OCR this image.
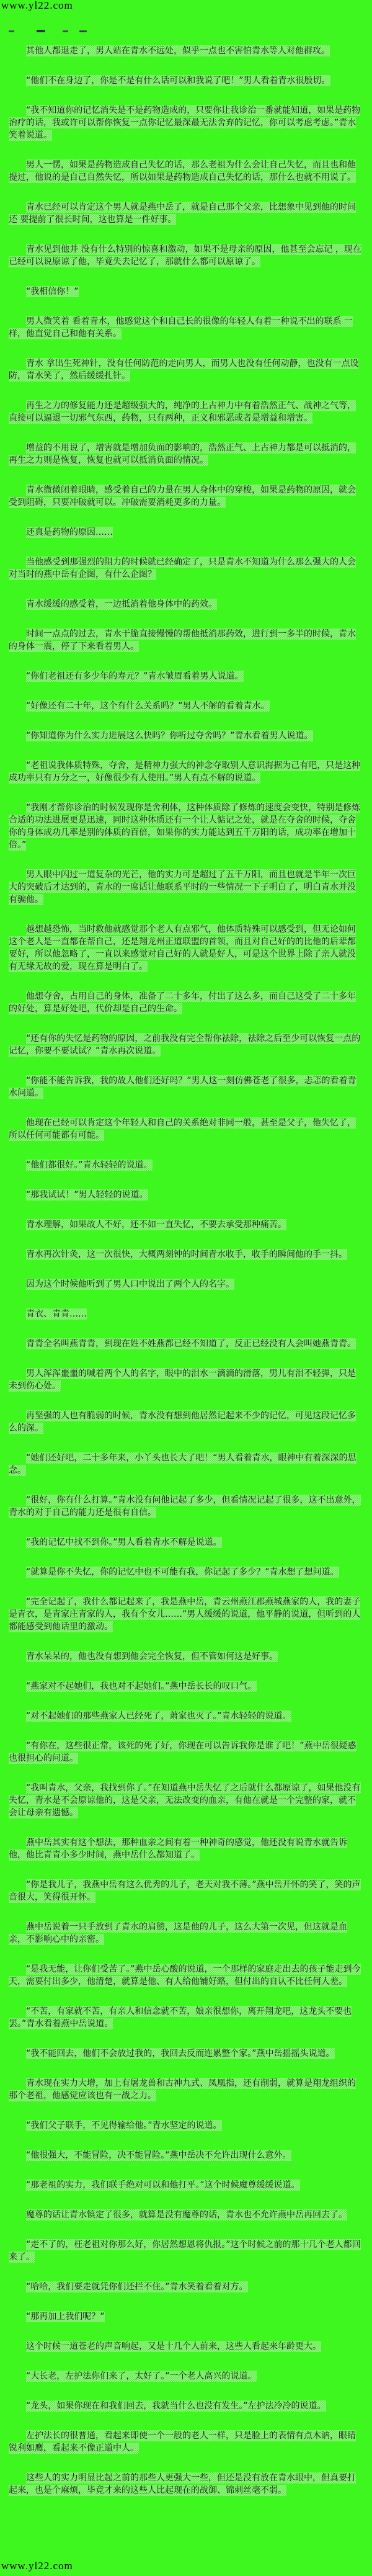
www.yl22.com

其他人都退走了，男人站在青水不远处，似乎一点也不害怕青水等人对他群攻。

“他们不在身边了，你是不是有什么话可以和我说了吧！”男人看着青水很殷切。

“我不知道你的记忆消失是不是药物造成的，只要你让我诊治一番就能知道，如果是药物治疗的话，我或许可以帮你恢复一点你记忆最深最无法舍弃的记忆，你可以考虑考虑。”青水笑着说道。

男人一愣，如果是药物造成自己失忆的话，那么老祖为什么会让自己失忆，而且也和他提过，他说的是自己自然失忆，所以如果是药物造成自己失忆的话，那什么也就不用说了。

青水已经可以肯定这个男人就是燕中岳了，就是自己那个父亲，比想象中见到他的时间还 要提前了很长时间，这也算是一件好事。

青水见到他并 没有什么特别的惊喜和激动，如果不是母亲的原因，他甚至会忘记 ，现在已经可以说原谅了他，毕竟失去记忆了，那就什么都可以原谅了。

“我相信你！”

男人微笑着 看着青水，他感觉这个和自己长的很像的年轻人有着一种说不出的联系 一样，他直觉自己和他有关系。

青水 拿出生死神针，没有任何防范的走向男人，而男人也没有任何动静，也没有一点设防，青水笑了，然后缓缓扎针。

再生之力的修复能力还是超级强大的，纯净的上古神力中有着浩然正气、战神之气等，直接可以逼退一切邪气东西，药物，只有两种，正义和邪恶或者是增益和增害。

增益的不用说了，增害就是增加负面的影响的，浩然正气、上古神力都是可以抵消的，再生之力则是恢复，恢复也就可以抵消负面的情况。

青水微微闭着眼睛，感受着自己的力量在男人身体中的穿梭，如果是药物的原因，就会受到阻碍，只要冲破就可以。冲破需要消耗更多的力量。

还真是药物的原因……

当他感受到那强烈的阻力的时候就已经确定了，只是青水不知道为什么那么强大的人会对当时的燕中岳有企图，有什么企图？

青水缓缓的感受着，一边抵消着他身体中的药效。

时间一点点的过去，青水干脆直接慢慢的帮他抵消那药效，进行到一多半的时候，青水的身体一震，停了下来看着男人。

“你们老祖还有多少年的寿元？”青水皱眉看着男人说道。

“好像还有二十年，这个有什么关系吗？”男人不解的看着青水。

“你知道你为什么实力进展这么快吗？你听过夺舍吗？”青水看着男人说道。

“老祖说我体质特殊，夺舍，是精神力强大的神念夺取别人意识海据为己有吧，只是这种成功率只有万分之一，好像很少有人使用。”男人有点不解的说道。

“我刚才帮你诊治的时候发现你是舍利体，这种体质除了修炼的速度会变快，特别是修炼合适的功法进展更是迅速，同时这种体质还有一个让人惦记之处，就是在夺舍的时候，夺舍你的身体成功几率是别的体质的百倍，如果你的实力能达到五千万阳的话，成功率在增加十倍。”

男人眼中闪过一道复杂的光芒，他的实力可是超过了五千万阳，而且也就是半年一次巨大的突破后才达到的，青水的一席话让他联系平时的一些情况一下子明白了，明白青水并没有骗他。

越想越恐怖，当时救他就感觉那个老人有点邪气，他体质特殊可以感受到，但无论如何这个老人是一直都在帮自己，还是翔龙州正道联盟的首领，而且对自己好的的比他的后辈都要好，所以他忽略了，一直以来感觉对自己好的人就是好人，可是这个世界上除了亲人就没有无缘无故的爱，现在算是明白了。

他想夺舍，占用自己的身体，准备了二十多年，付出了这么多，而自己这受了二十多年的好处，算是好处吧，代价却是自己的生命。

“还有你的失忆是药物的原因，之前我没有完全帮你祛除，祛除之后至少可以恢复一点的记忆，你要不要试试？”青水再次说道。

“你能不能告诉我，我的故人他们还好吗？”男人这一刻仿佛苍老了很多，忐忑的看着青水问道。

他现在已经可以肯定这个年轻人和自己的关系绝对非同一般，甚至是父子，他失忆了，所以任何可能都有可能。

“他们都很好。”青水轻轻的说道。

“那我试试！”男人轻轻的说道。

青水理解，如果故人不好，还不如一直失忆，不要去承受那种痛苦。

青水再次针灸，这一次很快，大概两刻钟的时间青水收手，收手的瞬间他的手一抖。

因为这个时候他听到了男人口中说出了两个人的名字。

青衣、青青……

青青全名叫燕青青，到现在姓不姓燕都已经不知道了，反正已经没有人会叫她燕青青。

男人浑浑噩噩的喊着两个人的名字，眼中的泪水一滴滴的滑落，男儿有泪不轻弹，只是未到伤心处。

再坚强的人也有脆弱的时候，青水没有想到他居然记起来不少的记忆，可见这段记忆多么的深。

“她们还好吧，二十多年来，小丫头也长大了吧！“男人看着青水，眼神中有着深深的思念。

“很好，你有什么打算。”青水没有问他记起了多少，但看情况记起了很多，这不出意外，青水的对于自己的能力还是很有自信。

“我的记忆中找不到你。”男人看着青水不解是说道。

“就算是你不失忆，你的记忆中也不可能有我，你记起了多少？”青水想了想问道。

“完全记起了，我什么都记起来了，我是燕中岳，青云州燕江郡燕城燕家的人，我的妻子是青衣，是青家庄青家的人，我有个女儿……”男人缓缓的说道，他平静的说道，但听到的人都能感受到他话里的激动。

青水呆呆的，他也没有想到他会完全恢复，但不管如何这是好事。

“燕家对不起她们，我也对不起她们。”燕中岳长长的叹口气。

“对不起她们的那些燕家人已经死了，萧家也灭了。”青水轻轻的说道。

“有你在，这些很正常，该死的死了好，你现在可以告诉我你是谁了吧！”燕中岳很疑惑也很担心的问道。

“我叫青水，父亲，我找到你了。”在知道燕中岳失忆了之后就什么都原谅了，如果他没有失忆，青水是不会原谅他的，这是父亲，无法改变的血亲，有他在就是一个完整的家，就不会让母亲有遗憾。

燕中岳其实有这个想法，那种血亲之间有着一种神奇的感觉，他还没有说青水就告诉他，他比青青小多少时间，燕中岳什么都知道了。

“你是我儿子，我燕中岳有这么优秀的儿子，老天对我不薄。”燕中岳开怀的笑了，笑的声音很大，笑得很开怀。

燕中岳说着一只手放到了青水的肩膀，这是他的儿子，这么大第一次见，但这就是血亲，不影响心中的亲密。

“是我无能，让你们受苦了。”燕中岳心酸的说道，一个那样的家庭走出去的孩子能走到今天，需要付出多少，他清楚，就算是他、有人给他铺好路，但付出的自认不比任何人差。

“不苦，有家就不苦，有亲人和信念就不苦，娘亲很想你，离开翔龙吧，这龙头不要也罢。”青水看着燕中岳说道。

“我不能回去，他们不会放过我的，我回去反而连累整个家。”燕中岳摇摇头说道。

青水现在实力大增，加上有屠龙兽和古神九式、凤凰指，还有削弱，就算是翔龙组织的那个老祖，他感觉应该也有一战之力。

“我们父子联手，不见得输给他。”青水坚定的说道。

“他很强大，不能冒险，决不能冒险。”燕中岳决不允许出现什么意外。

“那老祖的实力，我们联手绝对可以和他打平。”这个时候魔尊缓缓说道。

魔尊的话让青水镇定了很多，就算是没有魔尊的话，青水也不允许燕中岳再回去了。

“走不了的，枉老祖对你那么好，你居然想恩将仇报。”这个时候之前的那十几个老人都回来了。

“哈哈，我们要走就凭你们还拦不住。”青水笑着看着对方。

“那再加上我们呢？”

这个时候一道苍老的声音响起，又是十几个人前来，这些人看起来年龄更大。

“大长老，左护法你们来了，太好了。”一个老人高兴的说道。

“龙头，如果你现在和我们回去，我就当什么也没有发生。”左护法冷冷的说道。

左护法长的很普通，看起来即使一个一般的老人一样，只是脸上的表情有点木讷，眼睛锐利如鹰，看起来不像正道中人。

这些人的实力明显比起之前的那些人更强大一些，但还是没有放在青水眼中，但真要打起来，也是个麻烦，毕竟才来的这些人比起现在的战御、锦刺丝毫不弱。

www.yl22.com
